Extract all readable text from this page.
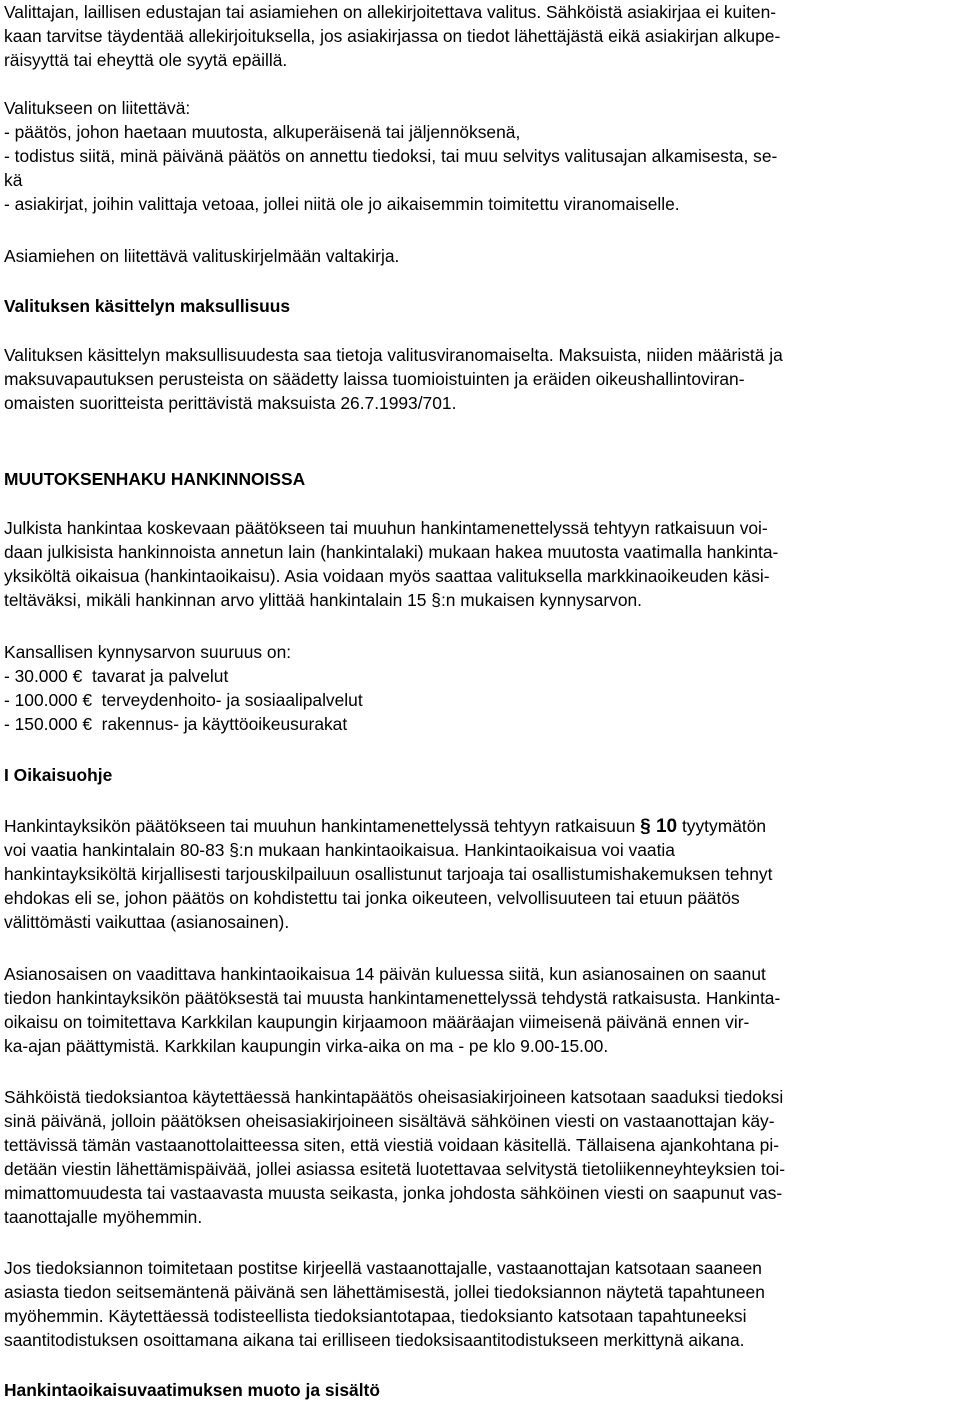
Valittajan, laillisen edustajan tai asiamiehen on allekirjoitettava valitus. Sähköistä asiakirjaa ei kuiten-
kaan tarvitse täydentää allekirjoituksella, jos asiakirjassa on tiedot lähettäjästä eikä asiakirjan alkupe-
räisyyttä tai eheyttä ole syytä epäillä.
Valitukseen on liitettävä:
- päätös, johon haetaan muutosta, alkuperäisenä tai jäljennöksenä,
- todistus siitä, minä päivänä päätös on annettu tiedoksi, tai muu selvitys valitusajan alkamisesta, se-
kä
- asiakirjat, joihin valittaja vetoaa, jollei niitä ole jo aikaisemmin toimitettu viranomaiselle.
Asiamiehen on liitettävä valituskirjelmään valtakirja.
Valituksen käsittelyn maksullisuus
Valituksen käsittelyn maksullisuudesta saa tietoja valitusviranomaiselta. Maksuista, niiden määristä ja
maksuvapautuksen perusteista on säädetty laissa tuomioistuinten ja eräiden oikeushallintoviran-
omaisten suoritteista perittävistä maksuista 26.7.1993/701.
MUUTOKSENHAKU HANKINNOISSA
Julkista hankintaa koskevaan päätökseen tai muuhun hankintamenettelyssä tehtyyn ratkaisuun voi-
daan julkisista hankinnoista annetun lain (hankintalaki) mukaan hakea muutosta vaatimalla hankinta-
yksiköltä oikaisua (hankintaoikaisu). Asia voidaan myös saattaa valituksella markkinaoikeuden käsi-
teltäväksi, mikäli hankinnan arvo ylittää hankintalain 15 §:n mukaisen kynnysarvon.
Kansallisen kynnysarvon suuruus on:
- 30.000 €  tavarat ja palvelut
- 100.000 €  terveydenhoito- ja sosiaalipalvelut
- 150.000 €  rakennus- ja käyttöoikeusurakat
I Oikaisuohje
Hankintayksikön päätökseen tai muuhun hankintamenettelyssä tehtyyn ratkaisuun § 10 tyytymätön
voi vaatia hankintalain 80-83 §:n mukaan hankintaoikaisua. Hankintaoikaisua voi vaatia
hankintayksiköltä kirjallisesti tarjouskilpailuun osallistunut tarjoaja tai osallistumishakemuksen tehnyt
ehdokas eli se, johon päätös on kohdistettu tai jonka oikeuteen, velvollisuuteen tai etuun päätös
välittömästi vaikuttaa (asianosainen).
Asianosaisen on vaadittava hankintaoikaisua 14 päivän kuluessa siitä, kun asianosainen on saanut
tiedon hankintayksikön päätöksestä tai muusta hankintamenettelyssä tehdystä ratkaisusta. Hankinta-
oikaisu on toimitettava Karkkilan kaupungin kirjaamoon määräajan viimeisenä päivänä ennen vir-
ka-ajan päättymistä. Karkkilan kaupungin virka-aika on ma - pe klo 9.00-15.00.
Sähköistä tiedoksiantoa käytettäessä hankintapäätös oheisasiakirjoineen katsotaan saaduksi tiedoksi
sinä päivänä, jolloin päätöksen oheisasiakirjoineen sisältävä sähköinen viesti on vastaanottajan käy-
tettävissä tämän vastaanottolaitteessa siten, että viestiä voidaan käsitellä. Tällaisena ajankohtana pi-
detään viestin lähettämispäivää, jollei asiassa esitetä luotettavaa selvitystä tietoliikenneyhteyksien toi-
mimattomuudesta tai vastaavasta muusta seikasta, jonka johdosta sähköinen viesti on saapunut vas-
taanottajalle myöhemmin.
Jos tiedoksiannon toimitetaan postitse kirjeellä vastaanottajalle, vastaanottajan katsotaan saaneen
asiasta tiedon seitsemäntenä päivänä sen lähettämisestä, jollei tiedoksiannon näytetä tapahtuneen
myöhemmin. Käytettäessä todisteellista tiedoksiantotapaa, tiedoksianto katsotaan tapahtuneeksi
saantitodistuksen osoittamana aikana tai erilliseen tiedoksisaantitodistukseen merkittynä aikana.
Hankintaoikaisuvaatimuksen muoto ja sisältö
